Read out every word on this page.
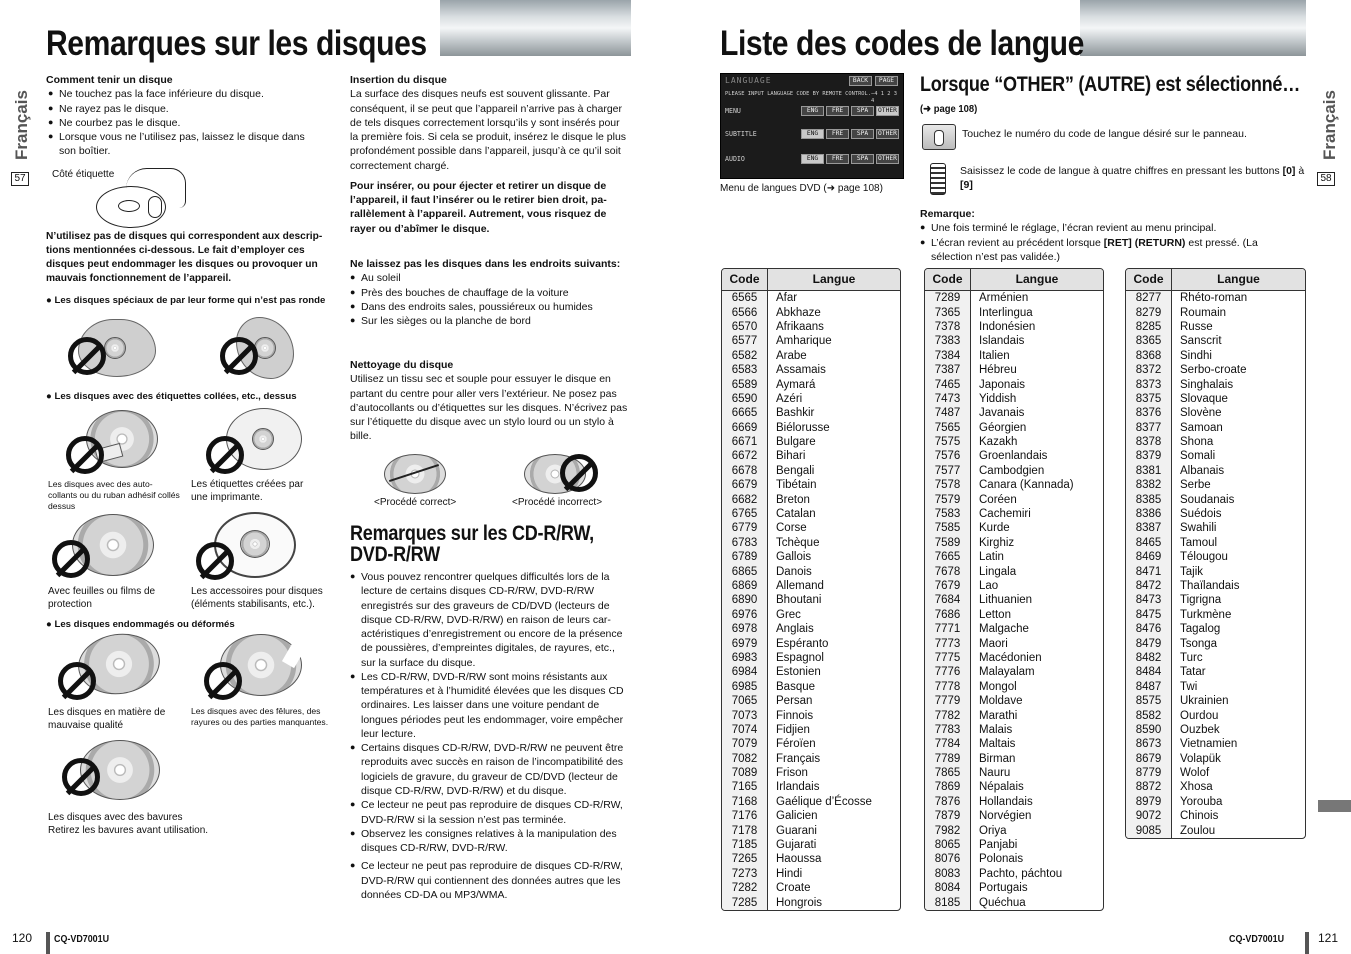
Remarques sur les disques
Français
57
Comment tenir un disque
● Ne touchez pas la face inférieure du disque.
● Ne rayez pas le disque.
● Ne courbez pas le disque.
● Lorsque vous ne l’utilisez pas, laissez le disque dans son boîtier.
Côté étiquette
N’utilisez pas de disques qui correspondent aux descrip-tions mentionnées ci-dessous. Le fait d’employer ces disques peut endommager les disques ou provoquer un mauvais fonctionnement de l’appareil.
● Les disques spéciaux de par leur forme qui n’est pas ronde
● Les disques avec des étiquettes collées, etc., dessus
Les disques avec des auto-collants ou du ruban adhésif collés dessus
Les étiquettes créées par une imprimante.
Avec feuilles ou films de protection
Les accessoires pour disques (éléments stabilisants, etc.).
● Les disques endommagés ou déformés
Les disques en matière de mauvaise qualité
Les disques avec des fêlures, des rayures ou des parties manquantes.
Les disques avec des bavures
Retirez les bavures avant utilisation.
Insertion du disque
La surface des disques neufs est souvent glissante. Par conséquent, il se peut que l’appareil n’arrive pas à charger de tels disques correctement lorsqu’ils y sont insérés pour la première fois. Si cela se produit, insérez le disque le plus profondément possible dans l’appareil, jusqu’à ce qu’il soit correctement chargé.
Pour insérer, ou pour éjecter et retirer un disque de l’appareil, il faut l’insérer ou le retirer bien droit, pa-rallèlement à l’appareil. Autrement, vous risquez de rayer ou d’abîmer le disque.
Ne laissez pas les disques dans les endroits suivants:
● Au soleil
● Près des bouches de chauffage de la voiture
● Dans des endroits sales, poussiéreux ou humides
● Sur les sièges ou la planche de bord
Nettoyage du disque
Utilisez un tissu sec et souple pour essuyer le disque en partant du centre pour aller vers l’extérieur. Ne posez pas d’autocollants ou d’étiquettes sur les disques. N’écrivez pas sur l’étiquette du disque avec un stylo lourd ou un stylo à bille.
<Procédé correct>	<Procédé incorrect>
Remarques sur les CD-R/RW, DVD-R/RW
● Vous pouvez rencontrer quelques difficultés lors de la lecture de certains disques CD-R/RW, DVD-R/RW enregistrés sur des graveurs de CD/DVD (lecteurs de disque CD-R/RW, DVD-R/RW) en raison de leurs car-actéristiques d’enregistrement ou encore de la présence de poussières, d’empreintes digitales, de rayures, etc., sur la surface du disque.
● Les CD-R/RW, DVD-R/RW sont moins résistants aux températures et à l’humidité élevées que les disques CD ordinaires. Les laisser dans une voiture pendant de longues périodes peut les endommager, voire empêcher leur lecture.
● Certains disques CD-R/RW, DVD-R/RW ne peuvent être reproduits avec succès en raison de l’incompatibilité des logiciels de gravure, du graveur de CD/DVD (lecteur de disque CD-R/RW, DVD-R/RW) et du disque.
● Ce lecteur ne peut pas reproduire de disques CD-R/RW, DVD-R/RW si la session n’est pas terminée.
● Observez les consignes relatives à la manipulation des disques CD-R/RW, DVD-R/RW.
● Ce lecteur ne peut pas reproduire de disques CD-R/RW, DVD-R/RW qui contiennent des données autres que les données CD-DA ou MP3/WMA.
120 CQ-VD7001U
Liste des codes de langue
Français
58
LANGUAGE	BACK	PAGE
PLEASE INPUT LANGUAGE CODE BY REMOTE CONTROL. −4 1 2 3 4
MENU
SUBTITLE
AUDIO
ENG	FRE	SPA	OTHER
ENG	FRE	SPA	OTHER
ENG	FRE	SPA	OTHER
Menu de langues DVD (➜ page 108)
Lorsque “OTHER” (AUTRE) est sélectionné…
(➜ page 108)
Touchez le numéro du code de langue désiré sur le panneau.
Saisissez le code de langue à quatre chiffres en pressant les buttons [0] à [9]
Remarque:
● Une fois terminé le réglage, l’écran revient au menu principal.
● L’écran revient au précédent lorsque [RET] (RETURN) est pressé. (La sélection n’est pas validée.)
Code	Langue
6565	Afar
6566	Abkhaze
6570	Afrikaans
6577	Amharique
6582	Arabe
6583	Assamais
6589	Aymará
6590	Azéri
6665	Bashkir
6669	Biélorusse
6671	Bulgare
6672	Bihari
6678	Bengali
6679	Tibétain
6682	Breton
6765	Catalan
6779	Corse
6783	Tchèque
6789	Gallois
6865	Danois
6869	Allemand
6890	Bhoutani
6976	Grec
6978	Anglais
6979	Espéranto
6983	Espagnol
6984	Estonien
6985	Basque
7065	Persan
7073	Finnois
7074	Fidjien
7079	Féroïen
7082	Français
7089	Frison
7165	Irlandais
7168	Gaélique d’Écosse
7176	Galicien
7178	Guarani
7185	Gujarati
7265	Haoussa
7273	Hindi
7282	Croate
7285	Hongrois
Code	Langue
7289	Arménien
7365	Interlingua
7378	Indonésien
7383	Islandais
7384	Italien
7387	Hébreu
7465	Japonais
7473	Yiddish
7487	Javanais
7565	Géorgien
7575	Kazakh
7576	Groenlandais
7577	Cambodgien
7578	Canara (Kannada)
7579	Coréen
7583	Cachemiri
7585	Kurde
7589	Kirghiz
7665	Latin
7678	Lingala
7679	Lao
7684	Lithuanien
7686	Letton
7771	Malgache
7773	Maori
7775	Macédonien
7776	Malayalam
7778	Mongol
7779	Moldave
7782	Marathi
7783	Malais
7784	Maltais
7789	Birman
7865	Nauru
7869	Népalais
7876	Hollandais
7879	Norvégien
7982	Oriya
8065	Panjabi
8076	Polonais
8083	Pachto, páchtou
8084	Portugais
8185	Quéchua
Code	Langue
8277	Rhéto-roman
8279	Roumain
8285	Russe
8365	Sanscrit
8368	Sindhi
8372	Serbo-croate
8373	Singhalais
8375	Slovaque
8376	Slovène
8377	Samoan
8378	Shona
8379	Somali
8381	Albanais
8382	Serbe
8385	Soudanais
8386	Suédois
8387	Swahili
8465	Tamoul
8469	Télougou
8471	Tajik
8472	Thaïlandais
8473	Tigrigna
8475	Turkmène
8476	Tagalog
8479	Tsonga
8482	Turc
8484	Tatar
8487	Twi
8575	Ukrainien
8582	Ourdou
8590	Ouzbek
8673	Vietnamien
8679	Volapük
8779	Wolof
8872	Xhosa
8979	Yorouba
9072	Chinois
9085	Zoulou
CQ-VD7001U	121
